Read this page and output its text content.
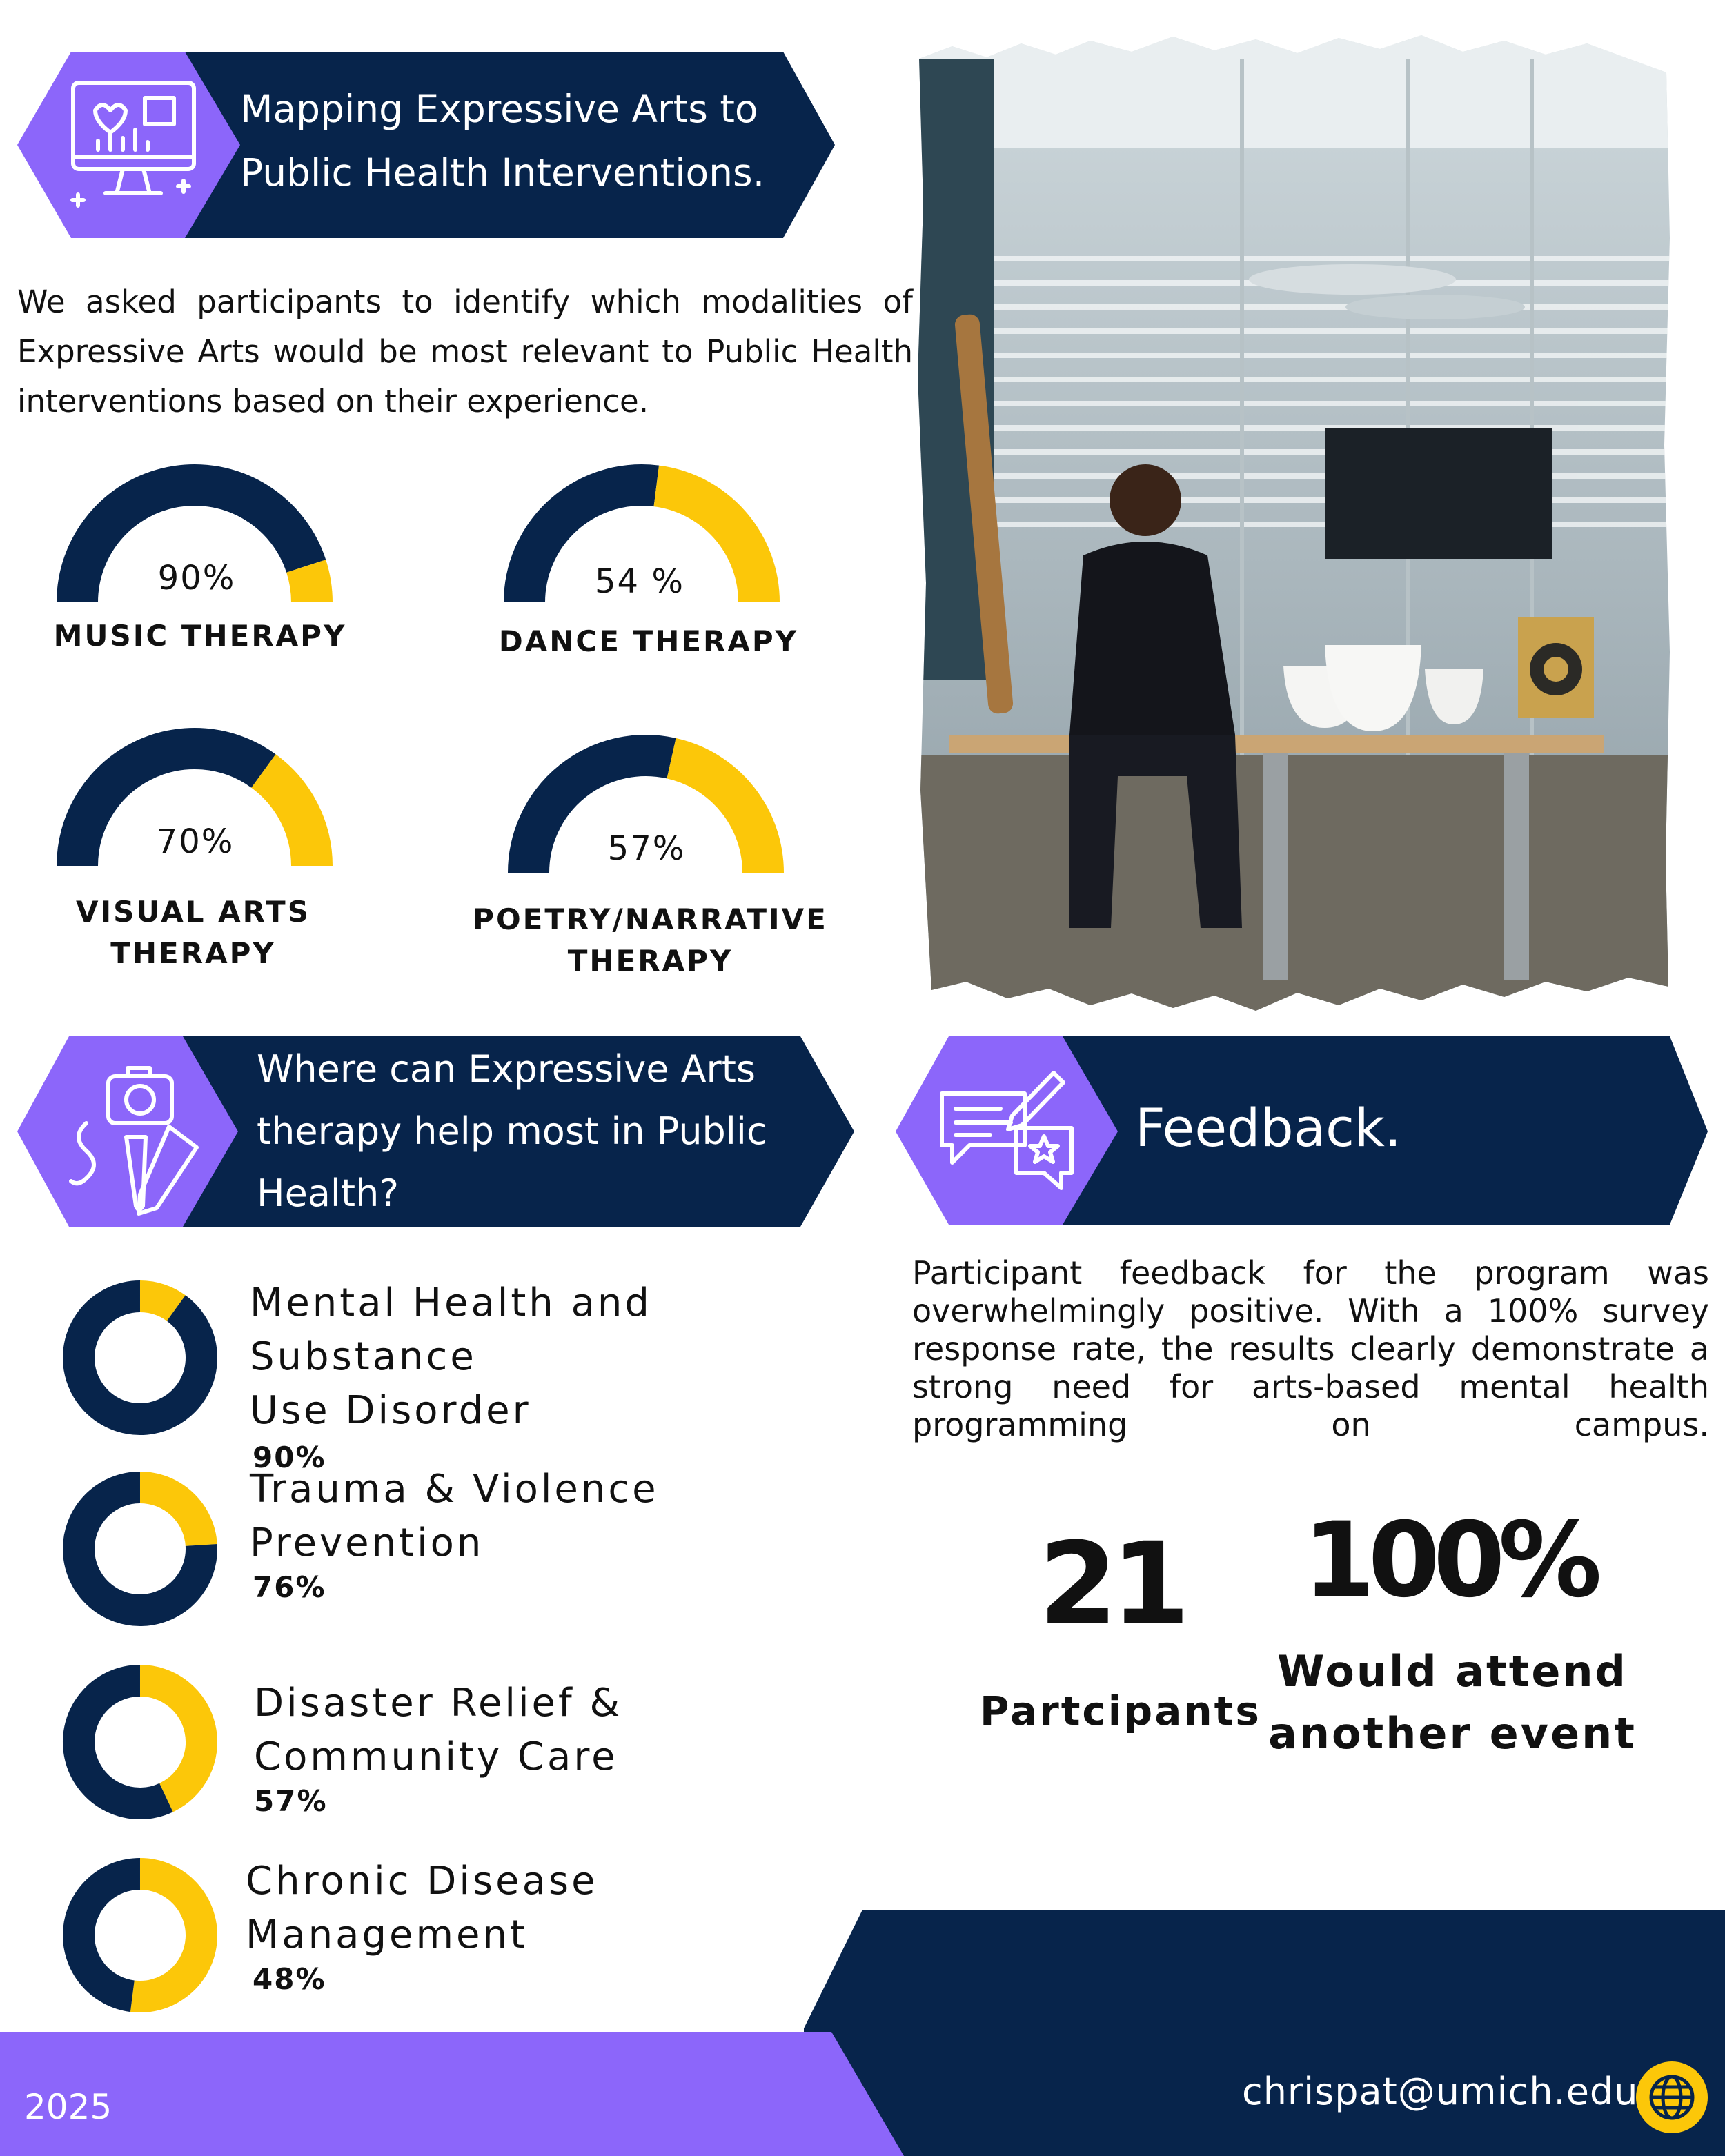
Mapping Expressive Arts to
Public Health Interventions.
We asked participants to identify which modalities of Expressive Arts would be most relevant to Public Health interventions based on their experience.
90%
MUSIC THERAPY
54 %
DANCE THERAPY
70%
VISUAL ARTS
THERAPY
57%
POETRY/NARRATIVE
THERAPY
Where can Expressive Arts
therapy help most in Public
Health?
Mental Health and Substance
Use Disorder
90%
Trauma & Violence
Prevention
76%
Disaster Relief &
Community Care
57%
Chronic Disease
Management
48%
Feedback.
Participant feedback for the program was overwhelmingly positive. With a 100% survey response rate, the results clearly demonstrate a strong need for arts-based mental health programming on campus.
21
Partcipants
100%
Would attend
another event
2025	chrispat@umich.edu
